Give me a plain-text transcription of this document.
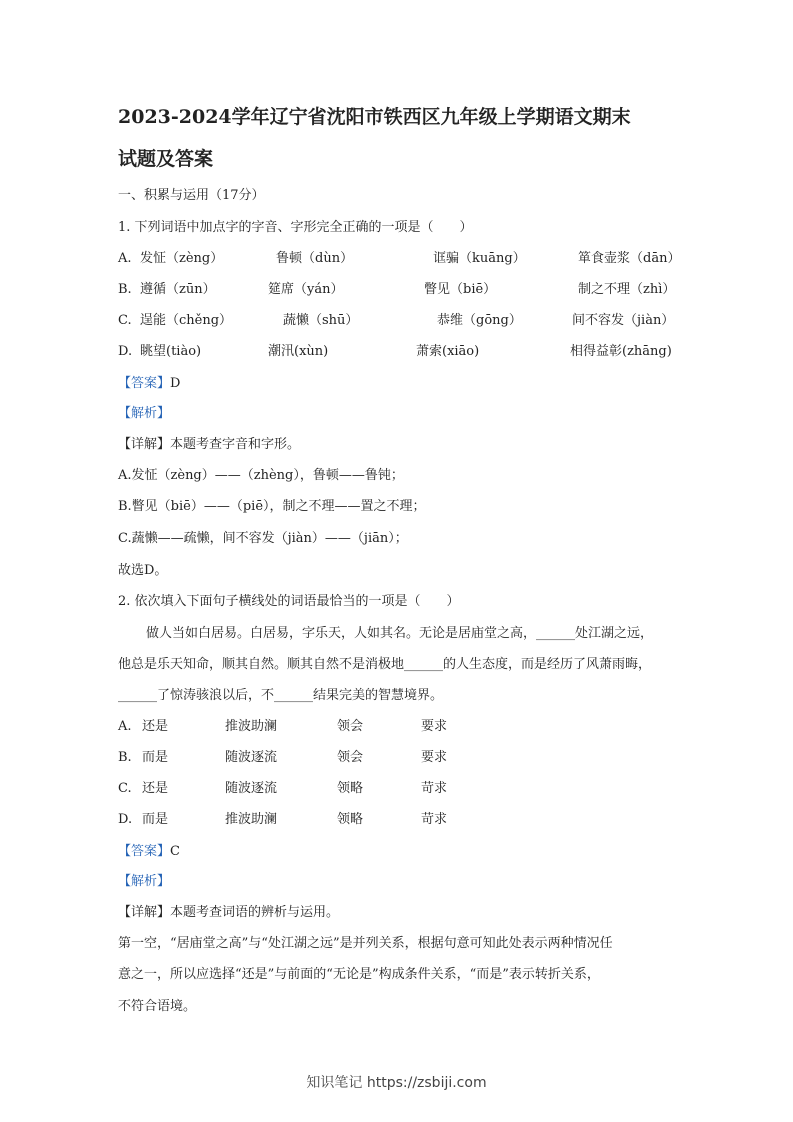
2023-2024学年辽宁省沈阳市铁西区九年级上学期语文期末
试题及答案
一、积累与运用（17分）
1. 下列词语中加点字的字音、字形完全正确的一项是（　　）
A. 发怔（zèng）	鲁顿（dùn）	诓骗（kuāng）	箪食壶浆（dān）
B. 遵循（zūn）	筵席（yán）	瞥见（biē）	制之不理（zhì）
C. 逞能（chěng）	蔬懒（shū）	恭维（gōng）	间不容发（jiàn）
D. 眺望(tiào)	潮汛(xùn)	萧索(xiāo)	相得益彰(zhāng)
【答案】D
【解析】
【详解】本题考查字音和字形。
A.发怔（zèng）——（zhèng），鲁顿——鲁钝；
B.瞥见（biē）——（piē），制之不理——置之不理；
C.蔬懒——疏懒，间不容发（jiàn）——（jiān）；
故选D。
2. 依次填入下面句子横线处的词语最恰当的一项是（　　）
做人当如白居易。白居易，字乐天，人如其名。无论是居庙堂之高，______处江湖之远，
他总是乐天知命，顺其自然。顺其自然不是消极地______的人生态度，而是经历了风萧雨晦，
______了惊涛骇浪以后，不______结果完美的智慧境界。
A. 还是	推波助澜	领会	要求
B. 而是	随波逐流	领会	要求
C. 还是	随波逐流	领略	苛求
D. 而是	推波助澜	领略	苛求
【答案】C
【解析】
【详解】本题考查词语的辨析与运用。
第一空，“居庙堂之高”与“处江湖之远”是并列关系，根据句意可知此处表示两种情况任
意之一，所以应选择“还是”与前面的“无论是”构成条件关系，“而是”表示转折关系，
不符合语境。
知识笔记 https://zsbiji.com
